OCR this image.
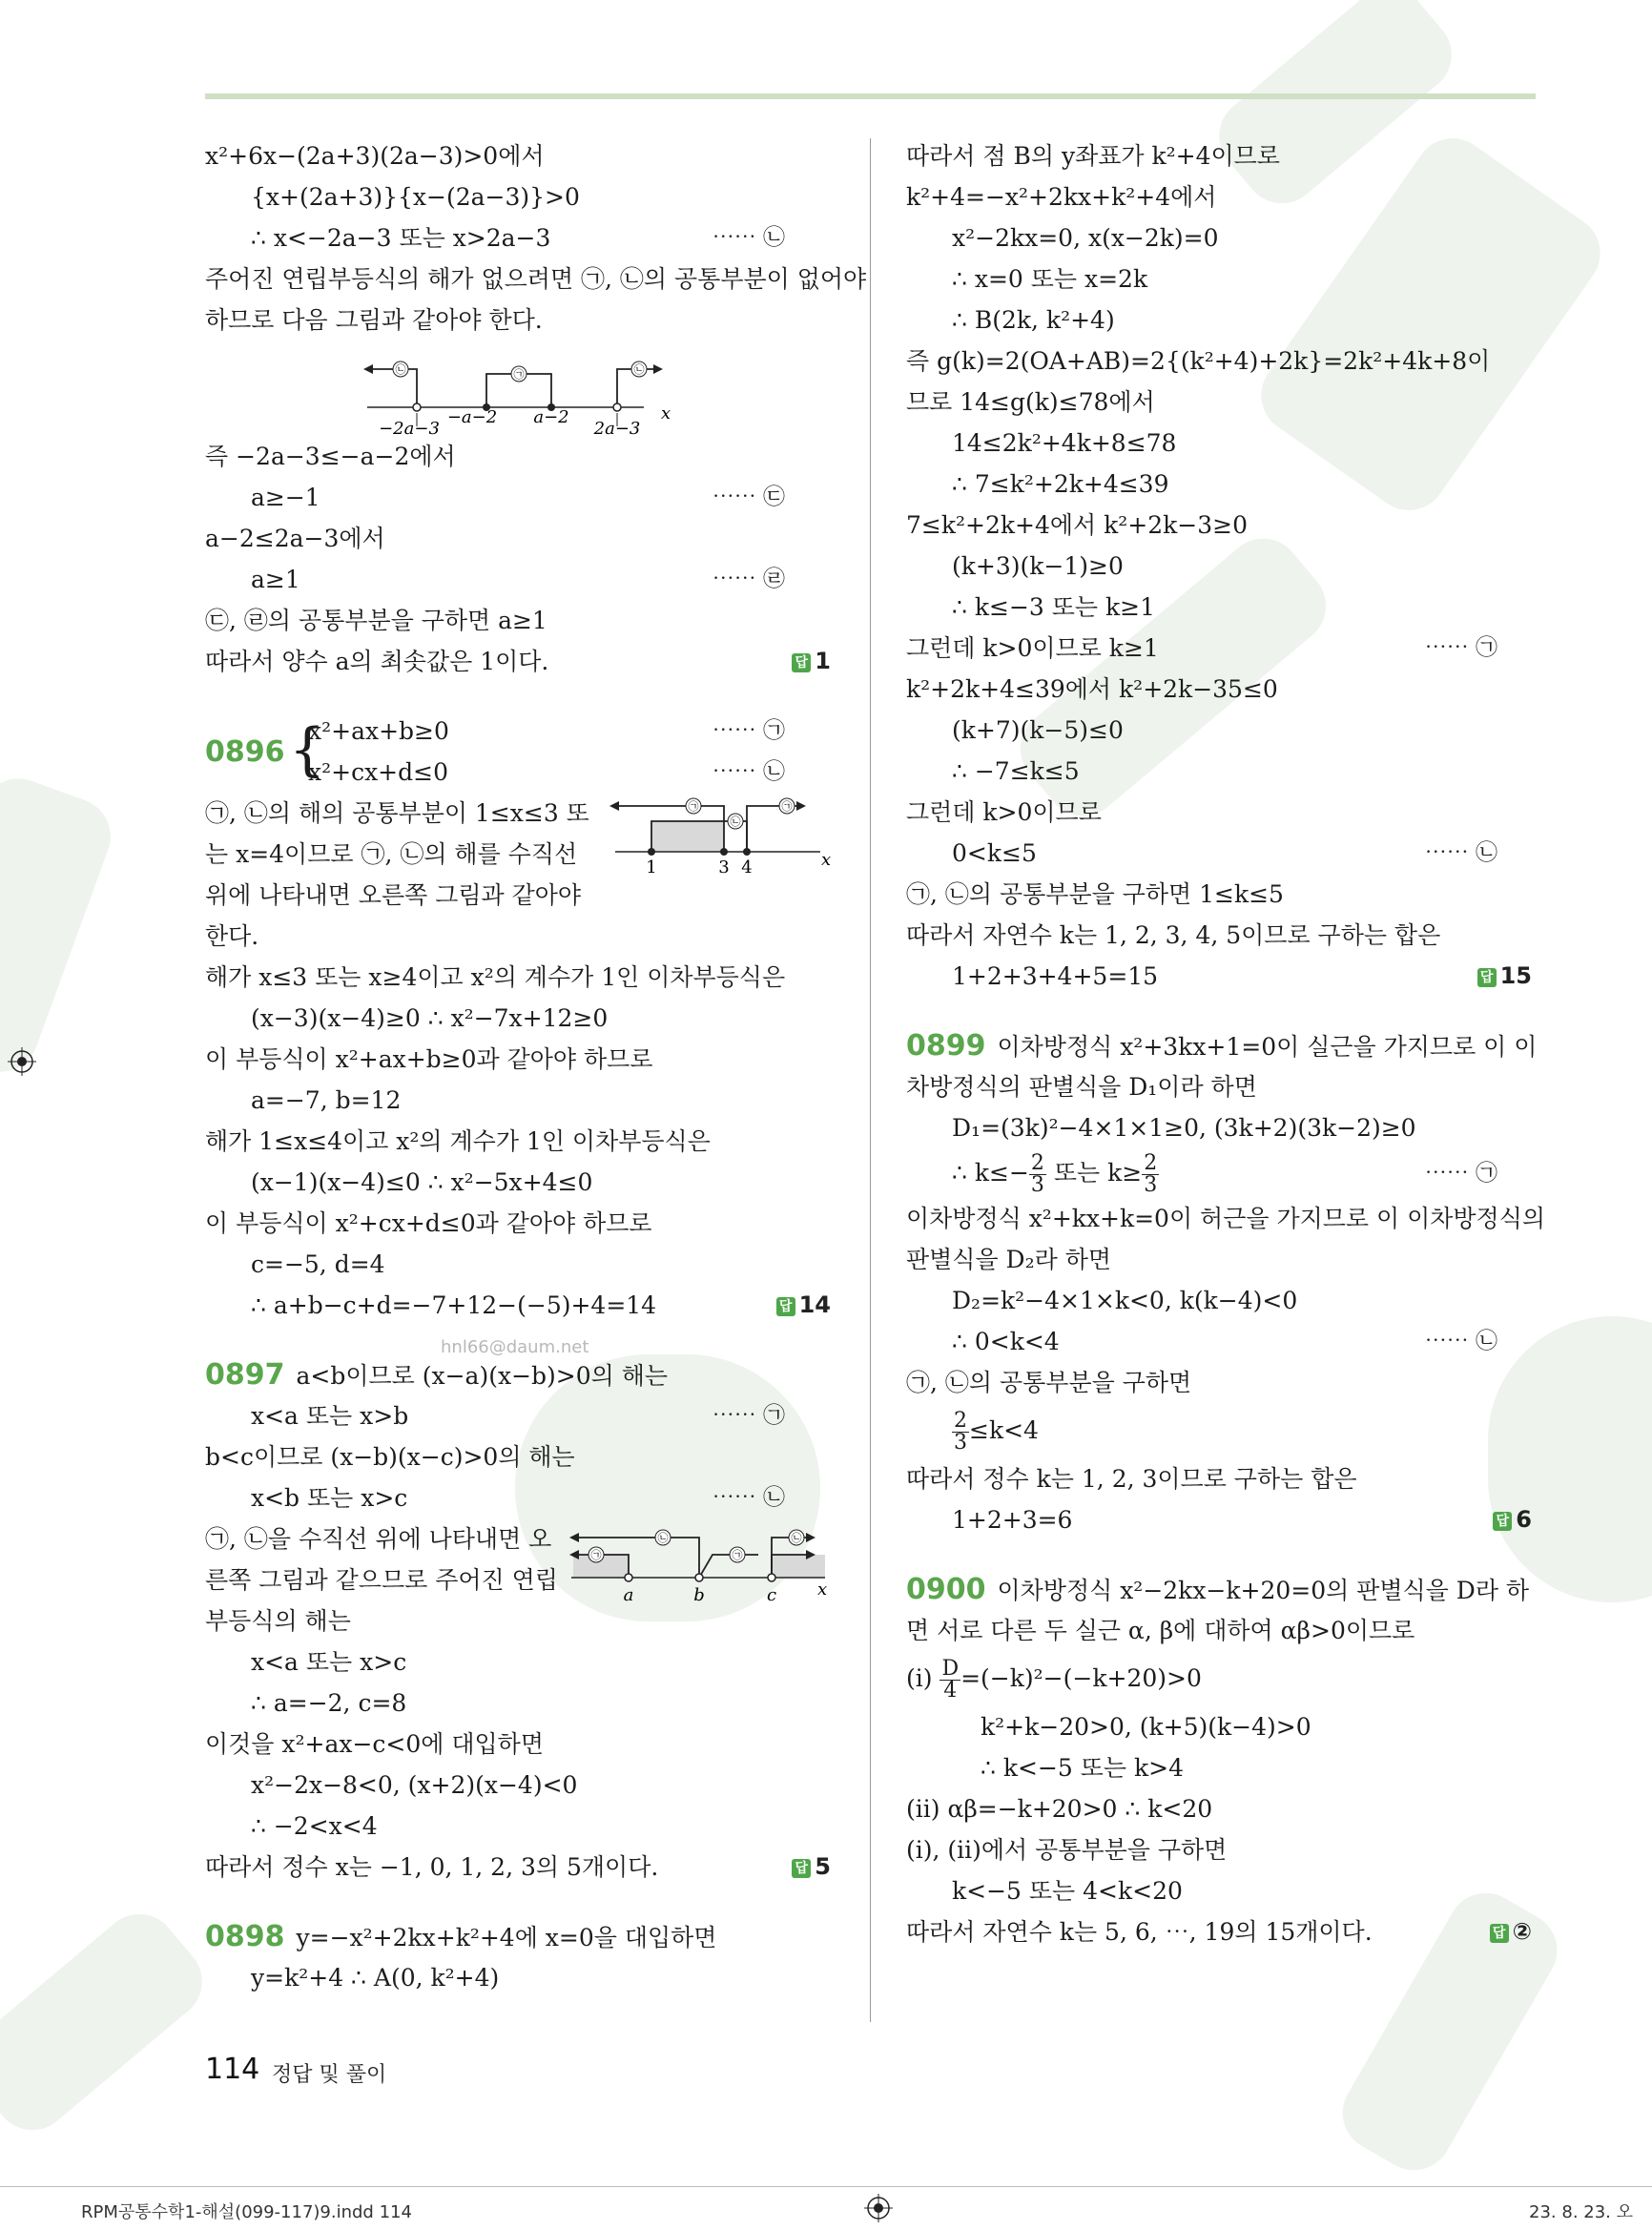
x²+6x−(2a+3)(2a−3)>0에서
{x+(2a+3)}{x−(2a−3)}>0
∴ x<−2a−3 또는 x>2a−3	⋯⋯ ㉡
주어진 연립부등식의 해가 없으려면 ㉠, ㉡의 공통부분이 없어야
하므로 다음 그림과 같아야 한다.
㉡	㉠	㉡
−2a−3
−a−2 a−2
2a−3
x
즉 −2a−3≤−a−2에서
a≥−1	⋯⋯ ㉢
a−2≤2a−3에서
a≥1	⋯⋯ ㉣
㉢, ㉣의 공통부분을 구하면 a≥1
따라서 양수 a의 최솟값은 1이다.	답 1
0896 {
x²+ax+b≥0	⋯⋯ ㉠
x²+cx+d≤0	⋯⋯ ㉡
㉠, ㉡의 해의 공통부분이 1≤x≤3 또
는 x=4이므로 ㉠, ㉡의 해를 수직선
위에 나타내면 오른쪽 그림과 같아야
한다.
㉠
㉡
㉠
1	3 4	x
해가 x≤3 또는 x≥4이고 x²의 계수가 1인 이차부등식은
(x−3)(x−4)≥0 ∴ x²−7x+12≥0
이 부등식이 x²+ax+b≥0과 같아야 하므로
a=−7, b=12
해가 1≤x≤4이고 x²의 계수가 1인 이차부등식은
(x−1)(x−4)≤0 ∴ x²−5x+4≤0
이 부등식이 x²+cx+d≤0과 같아야 하므로
c=−5, d=4
∴ a+b−c+d=−7+12−(−5)+4=14	답 14
0897 a<b이므로 (x−a)(x−b)>0의 해는
x<a 또는 x>b	⋯⋯ ㉠
b<c이므로 (x−b)(x−c)>0의 해는
x<b 또는 x>c	⋯⋯ ㉡
㉠, ㉡을 수직선 위에 나타내면 오
른쪽 그림과 같으므로 주어진 연립
부등식의 해는
㉡
㉠	㉠
㉡
a	b	c x
x<a 또는 x>c
∴ a=−2, c=8
이것을 x²+ax−c<0에 대입하면
x²−2x−8<0, (x+2)(x−4)<0
∴ −2<x<4
따라서 정수 x는 −1, 0, 1, 2, 3의 5개이다.	답 5
0898 y=−x²+2kx+k²+4에 x=0을 대입하면
y=k²+4 ∴ A(0, k²+4)
따라서 점 B의 y좌표가 k²+4이므로
k²+4=−x²+2kx+k²+4에서
x²−2kx=0, x(x−2k)=0
∴ x=0 또는 x=2k
∴ B(2k, k²+4)
즉 g(k)=2(OA+AB)=2{(k²+4)+2k}=2k²+4k+8이
므로 14≤g(k)≤78에서
14≤2k²+4k+8≤78
∴ 7≤k²+2k+4≤39
7≤k²+2k+4에서 k²+2k−3≥0
(k+3)(k−1)≥0
∴ k≤−3 또는 k≥1
그런데 k>0이므로 k≥1	⋯⋯ ㉠
k²+2k+4≤39에서 k²+2k−35≤0
(k+7)(k−5)≤0
∴ −7≤k≤5
그런데 k>0이므로
0<k≤5	⋯⋯ ㉡
㉠, ㉡의 공통부분을 구하면 1≤k≤5
따라서 자연수 k는 1, 2, 3, 4, 5이므로 구하는 합은
1+2+3+4+5=15	답 15
0899 이차방정식 x²+3kx+1=0이 실근을 가지므로 이 이
차방정식의 판별식을 D₁이라 하면
D₁=(3k)²−4×1×1≥0, (3k+2)(3k−2)≥0
∴ $k\le- \frac{2}{3}$ 또는 $k\ge \frac{2}{3}$	⋯⋯ ㉠
이차방정식 x²+kx+k=0이 허근을 가지므로 이 이차방정식의
판별식을 D₂라 하면
D₂=k²−4×1×k<0, k(k−4)<0
∴ 0<k<4	⋯⋯ ㉡
㉠, ㉡의 공통부분을 구하면
$\frac{2}{3} \le k<4$
따라서 정수 k는 1, 2, 3이므로 구하는 합은
1+2+3=6	답 6
0900 이차방정식 x²−2kx−k+20=0의 판별식을 D라 하
면 서로 다른 두 실근 α, β에 대하여 αβ>0이므로
$(i) \frac{D}{4} =(-k)^2-(-k+20)>0$
k²+k−20>0, (k+5)(k−4)>0
∴ k<−5 또는 k>4
(ii) αβ=−k+20>0 ∴ k<20
(i), (ii)에서 공통부분을 구하면
k<−5 또는 4<k<20
따라서 자연수 k는 5, 6, ⋯, 19의 15개이다.	답 ②
hnl66@daum.net
114 정답 및 풀이
RPM공통수학1-해설(099-117)9.indd 114	23. 8. 23. 오
